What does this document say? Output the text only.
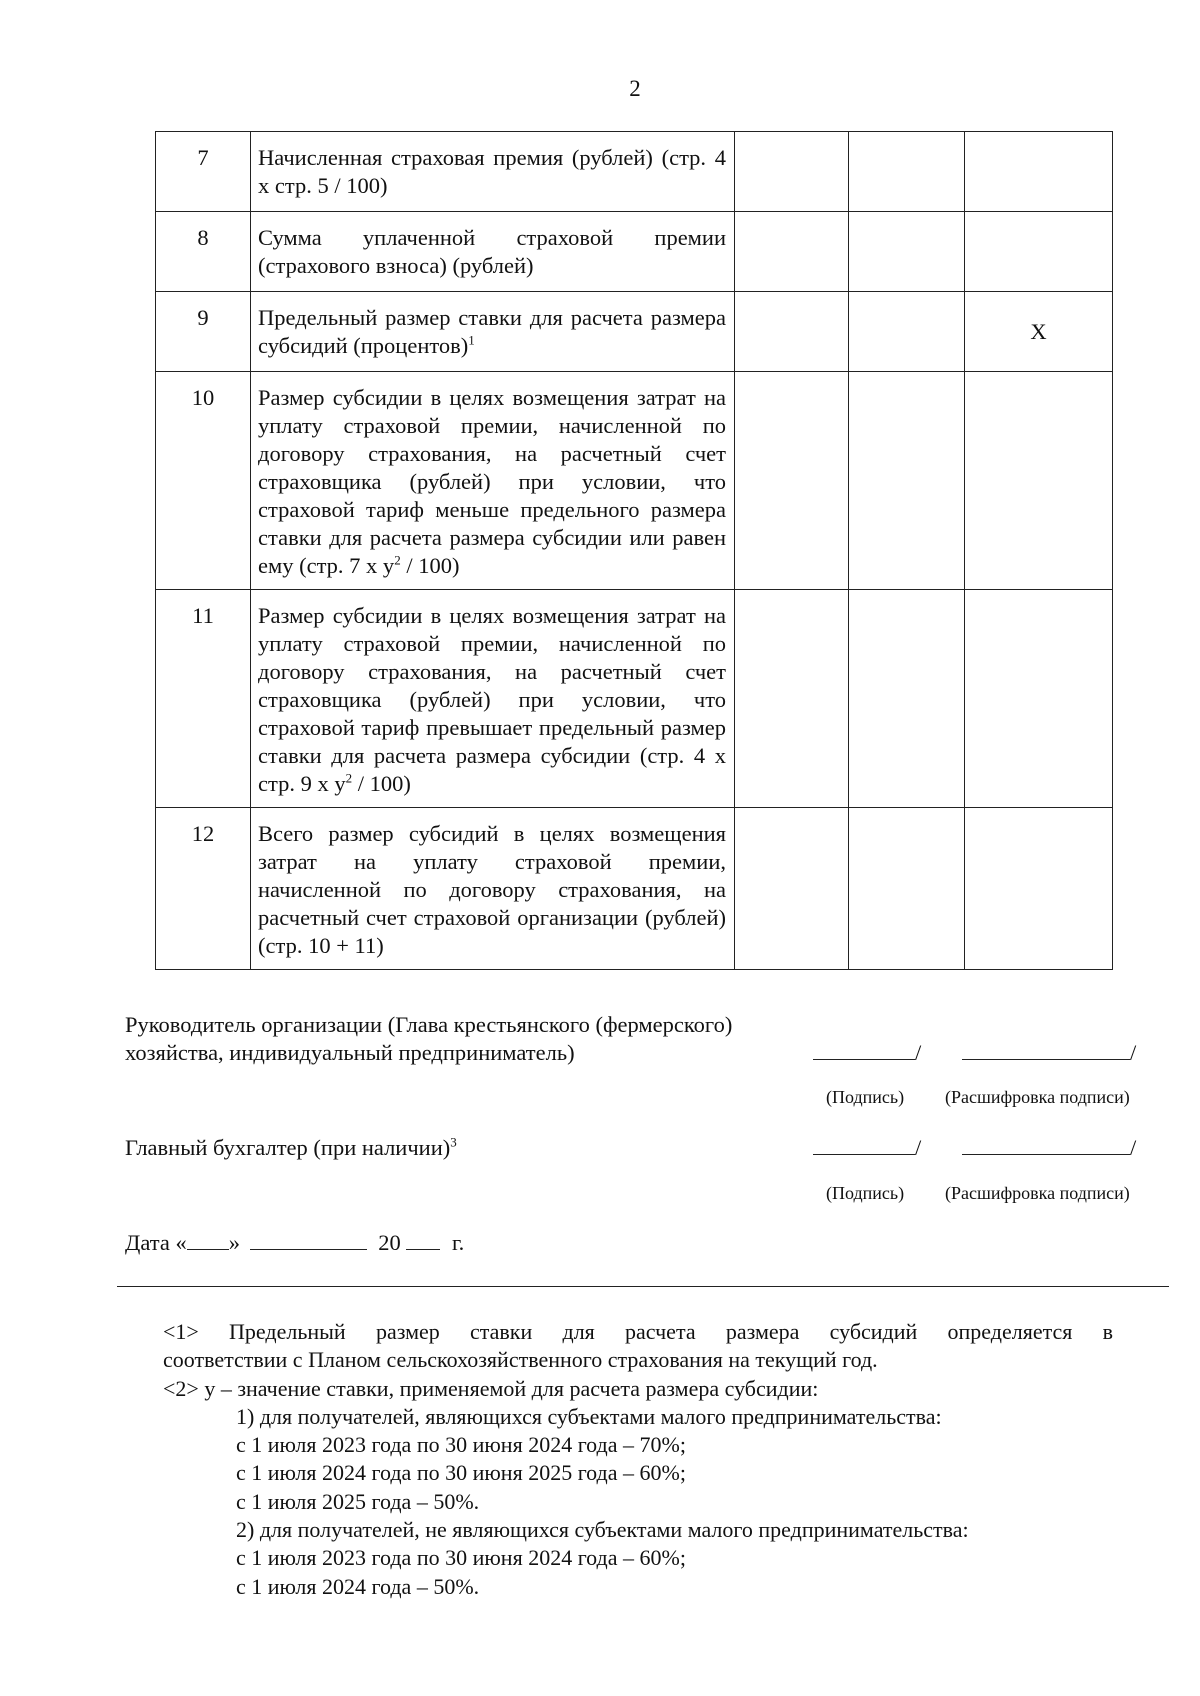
2
7	Начисленная страховая премия (рублей) (стр. 4 х стр. 5 / 100)			
8	Сумма уплаченной страховой премии (страхового взноса) (рублей)			
9	Предельный размер ставки для расчета размера субсидий (процентов)$^1$			X
10	Размер субсидии в целях возмещения затрат на уплату страховой премии, начисленной по договору страхования, на расчетный счет страховщика (рублей) при условии, что страховой тариф меньше предельного размера ставки для расчета размера субсидии или равен ему (стр. 7 х $у^2 / 100$)			
11	Размер субсидии в целях возмещения затрат на уплату страховой премии, начисленной по договору страхования, на расчетный счет страховщика (рублей) при условии, что страховой тариф превышает предельный размер ставки для расчета размера субсидии (стр. 4 х стр. 9 х $у^2 / 100$)			
12	Всего размер субсидий в целях возмещения затрат на уплату страховой премии, начисленной по договору страхования, на расчетный счет страховой организации (рублей) (стр. 10 + 11)			
Руководитель организации (Глава крестьянского (фермерского)
хозяйства, индивидуальный предприниматель)	/	/
(Подпись) (Расшифровка подписи)
Главный бухгалтер (при наличии)$^3$	/	/
(Подпись) (Расшифровка подписи)
Дата « »	20 г.

<1> Предельный размер ставки для расчета размера субсидий определяется в

соответствии с Планом сельскохозяйственного страхования на текущий год.

<2> у – значение ставки, применяемой для расчета размера субсидии:

1) для получателей, являющихся субъектами малого предпринимательства:

с 1 июля 2023 года по 30 июня 2024 года – 70%;

с 1 июля 2024 года по 30 июня 2025 года – 60%;

с 1 июля 2025 года – 50%.

2) для получателей, не являющихся субъектами малого предпринимательства:

с 1 июля 2023 года по 30 июня 2024 года – 60%;

с 1 июля 2024 года – 50%.
